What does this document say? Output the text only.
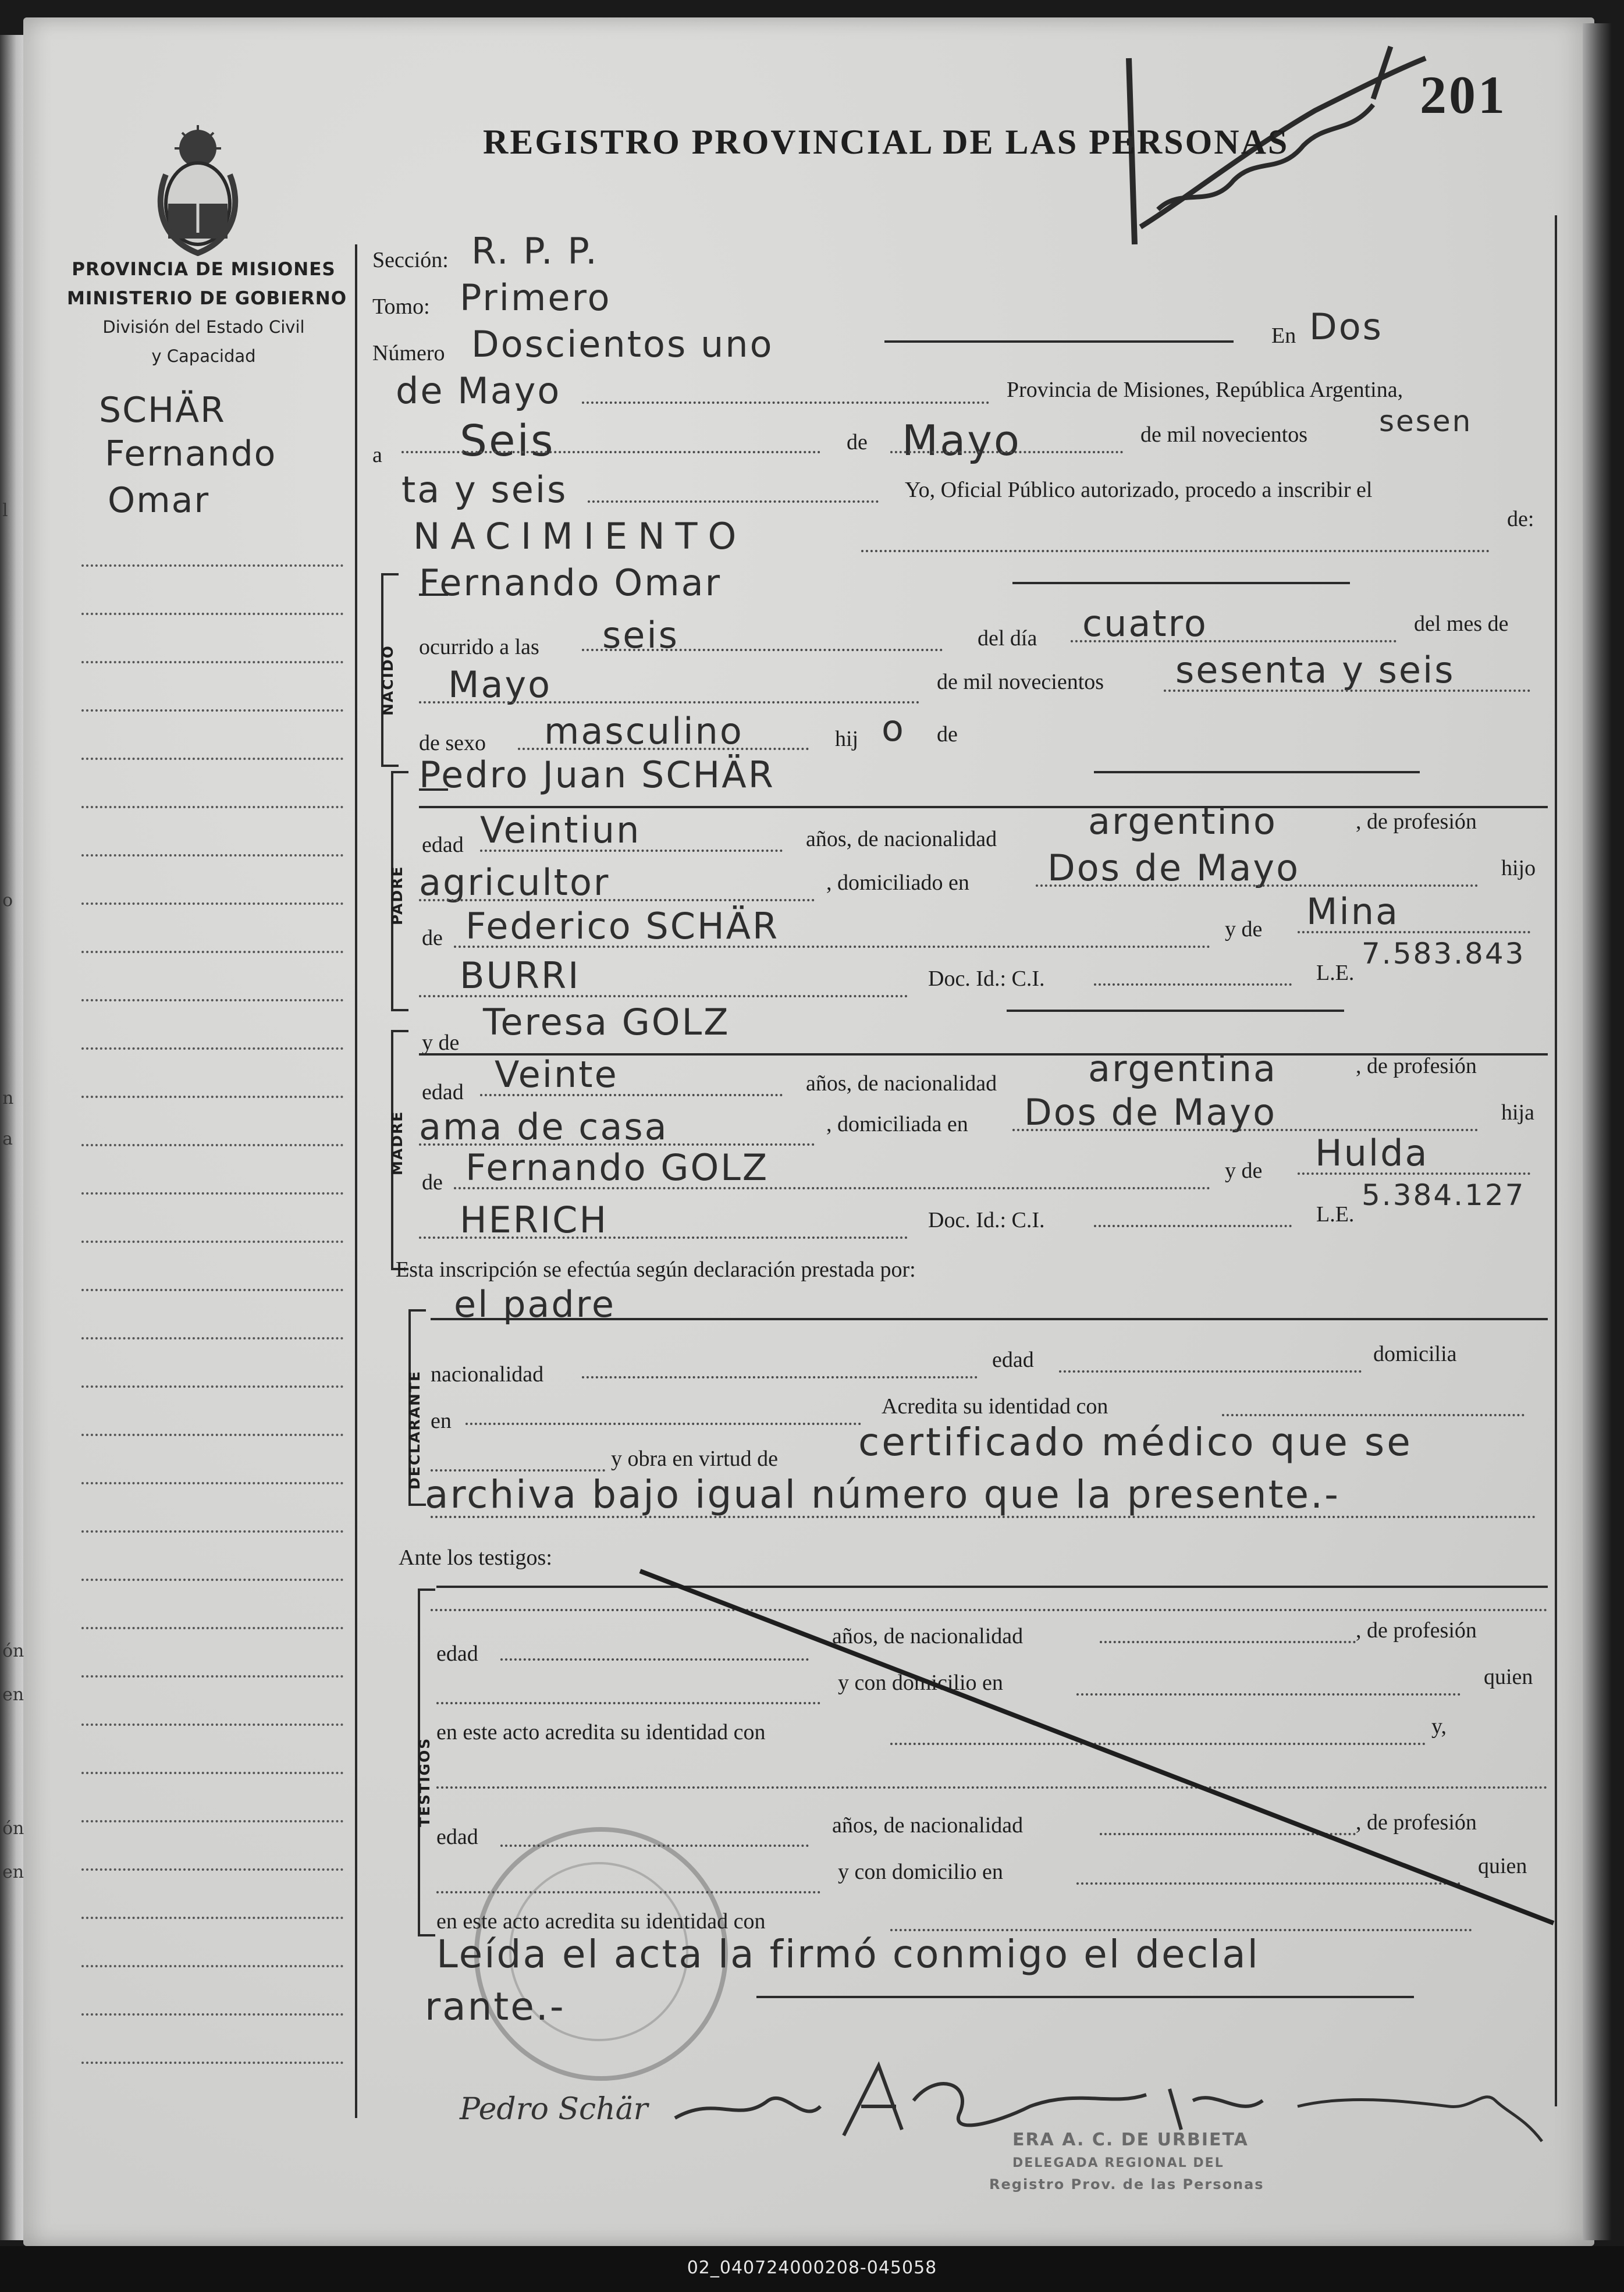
l
o
n
a
ón
en
ón
en
201
REGISTRO PROVINCIAL DE LAS PERSONAS
PROVINCIA DE MISIONES
MINISTERIO DE GOBIERNO
División del Estado Civil
y Capacidad
SCHÄR
Fernando
Omar
Sección: R. P. P.
Tomo: Primero
Número Doscientos uno	En Dos
de Mayo	Provincia de Misiones, República Argentina,
a Seis	de Mayo	de mil novecientos sesen
ta y seis	Yo, Oficial Público autorizado, procedo a inscribir el
NACIMIENTO	de:
NACIDO
Fernando Omar
ocurrido a las seis	del día cuatro	del mes de
Mayo	de mil novecientos sesenta y seis
de sexo masculino	hij o de
PADRE
Pedro Juan SCHÄR
edad Veintiun	años, de nacionalidad	argentino	, de profesión
agricultor	, domiciliado en Dos de Mayo	hijo
de Federico SCHÄR	y de Mina
BURRI	Doc. Id.: C.I.	L.E.
7.583.843
MADRE
y de Teresa GOLZ
edad Veinte	años, de nacionalidad	argentina	, de profesión
ama de casa	, domiciliada en Dos de Mayo	hija
de Fernando GOLZ	y de Hulda
HERICH	Doc. Id.: C.I.	L.E.
5.384.127
Esta inscripción se efectúa según declaración prestada por:
DECLARANTE
el padre
nacionalidad
edad	domicilia
en
Acredita su identidad con
y obra en virtud de certificado médico que se
archiva bajo igual número que la presente.-
Ante los testigos:
TESTIGOS
edad
años, de nacionalidad	, de profesión
y con domicilio en	quien
en este acto acredita su identidad con	y,
edad	años, de nacionalidad	, de profesión
y con domicilio en	quien
en este acto acredita su identidad con
Leída el acta la firmó conmigo el declal
rante.-
Pedro Schär
ERA A. C. DE URBIETA
DELEGADA REGIONAL DEL
Registro Prov. de las Personas
02_040724000208-045058
